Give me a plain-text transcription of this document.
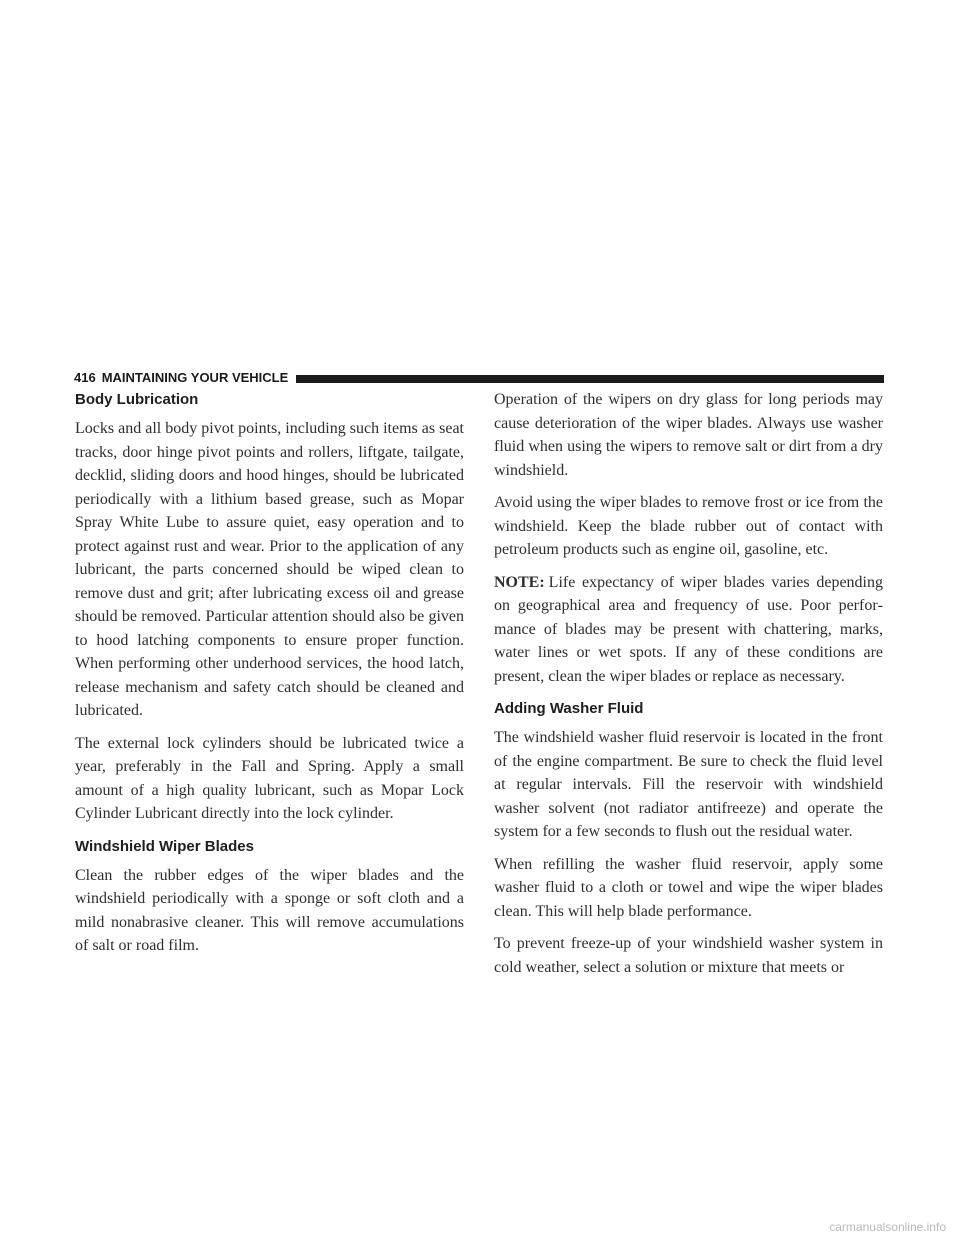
416 MAINTAINING YOUR VEHICLE
Body Lubrication

Locks and all body pivot points, including such items as seat tracks, door hinge pivot points and rollers, liftgate, tailgate, decklid, sliding doors and hood hinges, should be lubricated periodically with a lithium based grease, such as Mopar Spray White Lube to assure quiet, easy operation and to protect against rust and wear. Prior to the application of any lubricant, the parts concerned should be wiped clean to remove dust and grit; after lubricating excess oil and grease should be removed. Particular attention should also be given to hood latching components to ensure proper function. When performing other underhood services, the hood latch, release mechanism and safety catch should be cleaned and lubricated.

The external lock cylinders should be lubricated twice a year, preferably in the Fall and Spring. Apply a small amount of a high quality lubricant, such as Mopar Lock Cylinder Lubricant directly into the lock cylinder.

Windshield Wiper Blades

Clean the rubber edges of the wiper blades and the windshield periodically with a sponge or soft cloth and a mild nonabrasive cleaner. This will remove accumulations of salt or road film.

Operation of the wipers on dry glass for long periods may cause deterioration of the wiper blades. Always use washer fluid when using the wipers to remove salt or dirt from a dry windshield.

Avoid using the wiper blades to remove frost or ice from the windshield. Keep the blade rubber out of contact with petroleum products such as engine oil, gasoline, etc.

NOTE: Life expectancy of wiper blades varies depending on geographical area and frequency of use. Poor performance of blades may be present with chattering, marks, water lines or wet spots. If any of these conditions are present, clean the wiper blades or replace as necessary.

Adding Washer Fluid

The windshield washer fluid reservoir is located in the front of the engine compartment. Be sure to check the fluid level at regular intervals. Fill the reservoir with windshield washer solvent (not radiator antifreeze) and operate the system for a few seconds to flush out the residual water.

When refilling the washer fluid reservoir, apply some washer fluid to a cloth or towel and wipe the wiper blades clean. This will help blade performance.

To prevent freeze-up of your windshield washer system in cold weather, select a solution or mixture that meets or

carmanualsonline.info
